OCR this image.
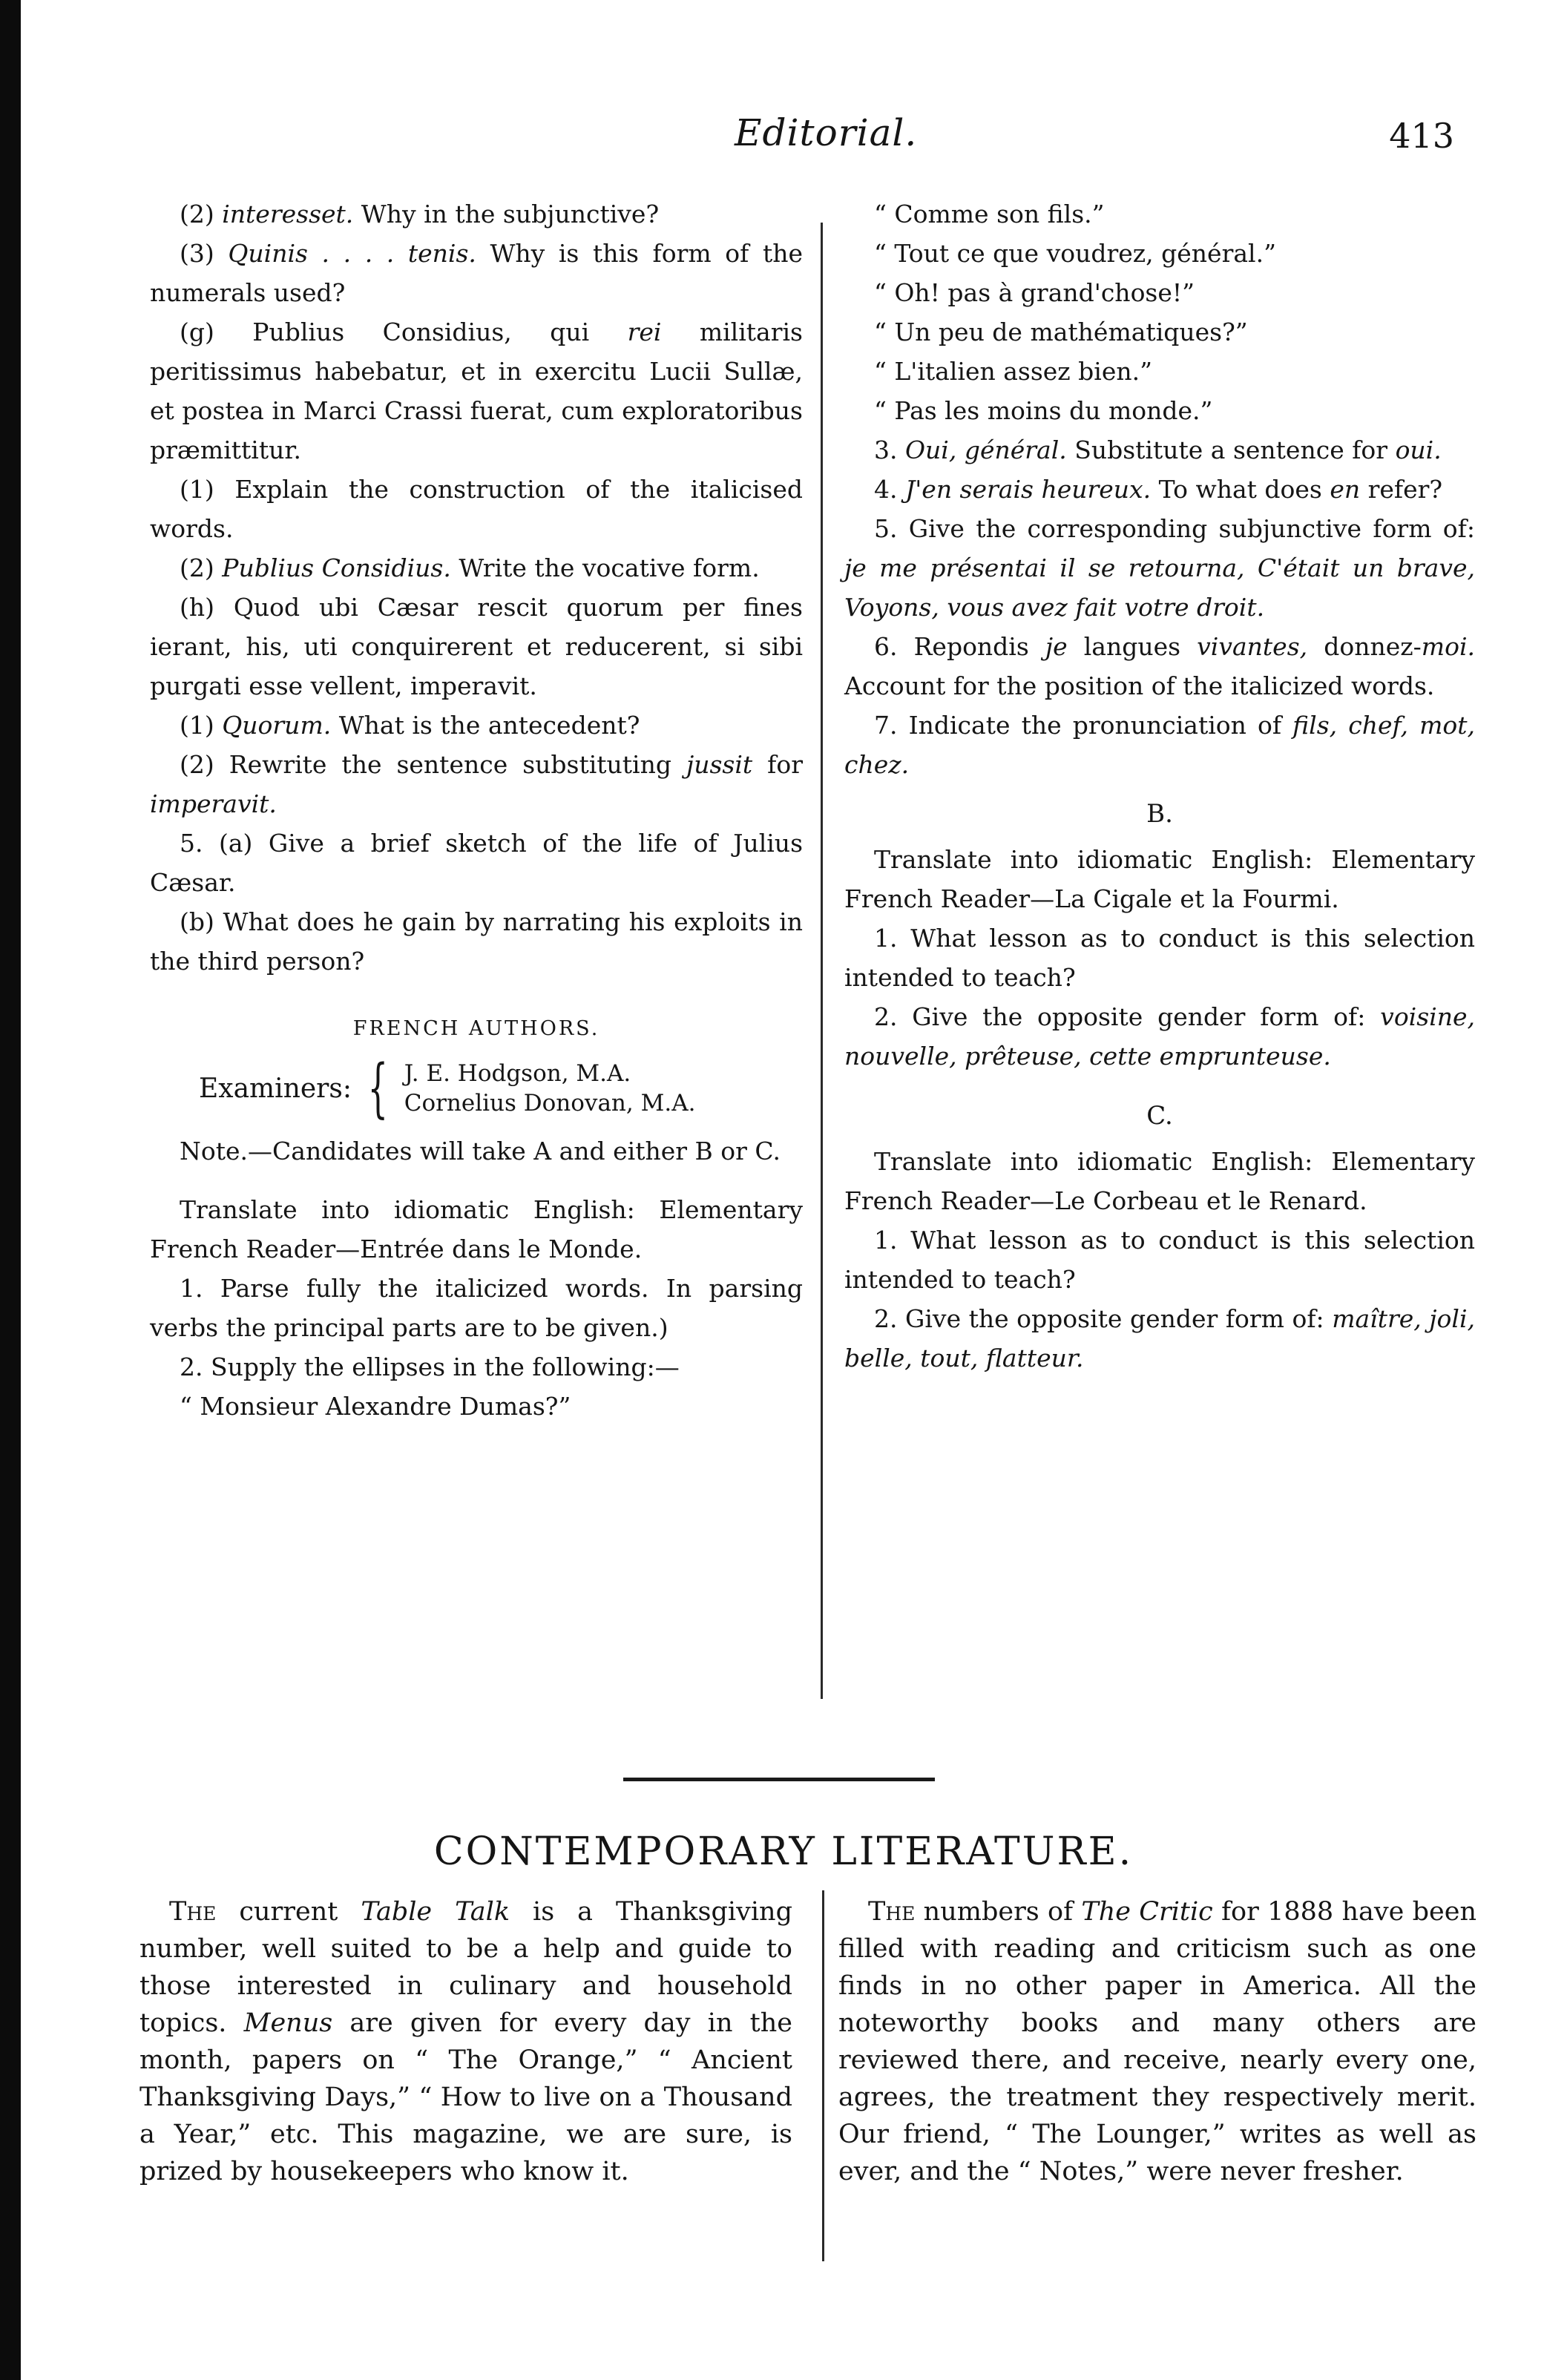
Editorial.	413

(2) interesset. Why in the subjunctive?

(3) Quinis . . . . tenis. Why is this form of the numerals used?

(g) Publius Considius, qui rei militaris peritissimus habebatur, et in exercitu Lucii Sullæ, et postea in Marci Crassi fuerat, cum exploratoribus præmittitur.

(1) Explain the construction of the italicised words.

(2) Publius Considius. Write the vocative form.

(h) Quod ubi Cæsar rescit quorum per fines ierant, his, uti conquirerent et reducerent, si sibi purgati esse vellent, imperavit.

(1) Quorum. What is the antecedent?

(2) Rewrite the sentence substituting jussit for imperavit.

5. (a) Give a brief sketch of the life of Julius Cæsar.

(b) What does he gain by narrating his exploits in the third person?

FRENCH AUTHORS.
Examiners: { J. E. Hodgson, M.A.
Cornelius Donovan, M.A.

Note.—Candidates will take A and either B or C.

Translate into idiomatic English: Elementary French Reader—Entrée dans le Monde.

1. Parse fully the italicized words. In parsing verbs the principal parts are to be given.)

2. Supply the ellipses in the following:—

“ Monsieur Alexandre Dumas?”

“ Comme son fils.”

“ Tout ce que voudrez, général.”

“ Oh! pas à grand'chose!”

“ Un peu de mathématiques?”

“ L'italien assez bien.”

“ Pas les moins du monde.”

3. Oui, général. Substitute a sentence for oui.

4. J'en serais heureux. To what does en refer?

5. Give the corresponding subjunctive form of: je me présentai il se retourna, C'était un brave, Voyons, vous avez fait votre droit.

6. Repondis je langues vivantes, donnez-moi. Account for the position of the italicized words.

7. Indicate the pronunciation of fils, chef, mot, chez.

B.

Translate into idiomatic English: Elementary French Reader—La Cigale et la Fourmi.

1. What lesson as to conduct is this selection intended to teach?

2. Give the opposite gender form of: voisine, nouvelle, prêteuse, cette emprunteuse.

C.

Translate into idiomatic English: Elementary French Reader—Le Corbeau et le Renard.

1. What lesson as to conduct is this selection intended to teach?

2. Give the opposite gender form of: maître, joli, belle, tout, flatteur.

CONTEMPORARY LITERATURE.

The current Table Talk is a Thanksgiving number, well suited to be a help and guide to those interested in culinary and household topics. Menus are given for every day in the month, papers on “ The Orange,” “ Ancient Thanksgiving Days,” “ How to live on a Thousand a Year,” etc. This magazine, we are sure, is prized by housekeepers who know it.

The numbers of The Critic for 1888 have been filled with reading and criticism such as one finds in no other paper in America. All the noteworthy books and many others are reviewed there, and receive, nearly every one, agrees, the treatment they respectively merit. Our friend, “ The Lounger,” writes as well as ever, and the “ Notes,” were never fresher.
